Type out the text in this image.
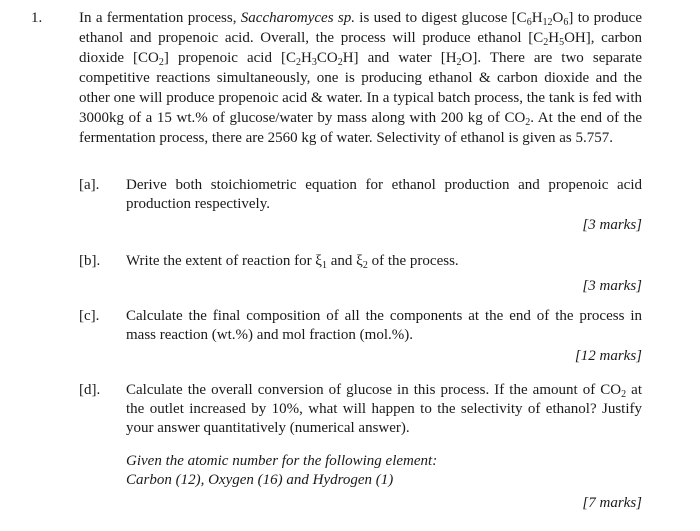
1. In a fermentation process, Saccharomyces sp. is used to digest glucose $[C_6H_{12}O_6]$ to produce ethanol and propenoic acid. Overall, the process will produce ethanol $[C_2H_5OH]$, carbon dioxide $[CO_2]$ propenoic acid $[C_2H_3CO_2H]$ and water $[H_2O]$. There are two separate competitive reactions simultaneously, one is producing ethanol & carbon dioxide and the other one will produce propenoic acid & water. In a typical batch process, the tank is fed with 3000kg of a 15 wt.% of glucose/water by mass along with 200 kg of $CO_2$. At the end of the fermentation process, there are 2560 kg of water. Selectivity of ethanol is given as 5.757.
[a]. Derive both stoichiometric equation for ethanol production and propenoic acid production respectively.
[3 marks]
[b]. Write the extent of reaction for $\xi_1$ and $\xi_2$ of the process.
[3 marks]
[c]. Calculate the final composition of all the components at the end of the process in mass reaction (wt.%) and mol fraction (mol.%).
[12 marks]
[d]. Calculate the overall conversion of glucose in this process. If the amount of $CO_2$ at the outlet increased by 10%, what will happen to the selectivity of ethanol? Justify your answer quantitatively (numerical answer).
Given the atomic number for the following element:
Carbon (12), Oxygen (16) and Hydrogen (1)
[7 marks]
